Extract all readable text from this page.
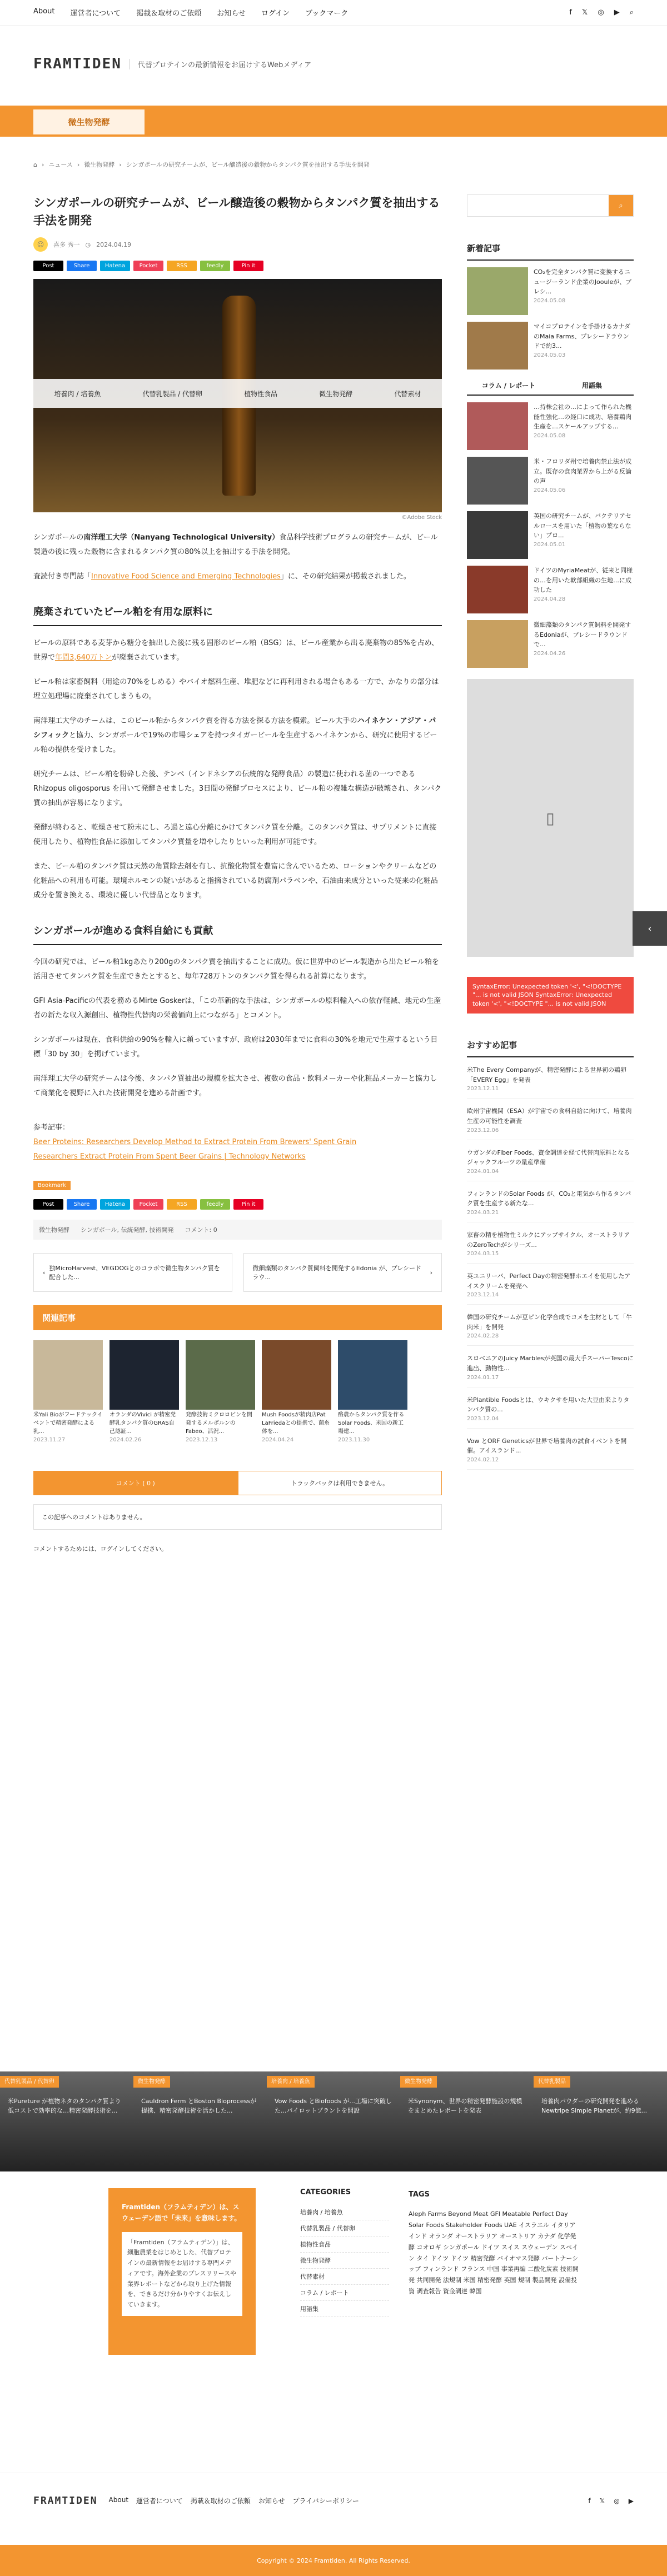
About 運営者について 掲載＆取材のご依頼 お知らせ ログイン ブックマーク	f 𝕏 ◎ ▶ ⌕
FRAMTIDEN	代替プロテインの最新情報をお届けするWebメディア
微生物発酵
⌂ › ニュース › 微生物発酵 › シンガポールの研究チームが、ビール醸造後の穀物からタンパク質を抽出する手法を開発
シンガポールの研究チームが、ビール醸造後の穀物からタンパク質を抽出する手法を開発
☺	喜多 秀一 ◷ 2024.04.19
Post	Share	Hatena	Pocket	RSS	feedly	Pin it
培養肉 / 培養魚	代替乳製品 / 代替卵	植物性食品	微生物発酵	代替素材
©Adobe Stock

シンガポールの南洋理工大学（Nanyang Technological University）食品科学技術プログラムの研究チームが、ビール製造の後に残った穀物に含まれるタンパク質の80%以上を抽出する手法を開発。

査読付き専門誌「Innovative Food Science and Emerging Technologies」に、その研究結果が掲載されました。

廃棄されていたビール粕を有用な原料に

ビールの原料である麦芽から糖分を抽出した後に残る固形のビール粕（BSG）は、ビール産業から出る廃棄物の85%を占め、世界で年間3,640万トンが廃棄されています。

ビール粕は家畜飼料（用途の70%をしめる）やバイオ燃料生産、堆肥などに再利用される場合もある一方で、かなりの部分は埋立処理場に廃棄されてしまうもの。

南洋理工大学のチームは、このビール粕からタンパク質を得る方法を探る方法を模索。ビール大手のハイネケン・アジア・パシフィックと協力、シンガポールで19%の市場シェアを持つタイガービールを生産するハイネケンから、研究に使用するビール粕の提供を受けました。

研究チームは、ビール粕を粉砕した後、テンペ（インドネシアの伝統的な発酵食品）の製造に使われる菌の一つである Rhizopus oligosporus を用いて発酵させました。3日間の発酵プロセスにより、ビール粕の複雑な構造が破壊され、タンパク質の抽出が容易になります。

発酵が終わると、乾燥させて粉末にし、ろ過と遠心分離にかけてタンパク質を分離。このタンパク質は、サプリメントに直接使用したり、植物性食品に添加してタンパク質量を増やしたりといった利用が可能です。

また、ビール粕のタンパク質は天然の角質除去剤を有し、抗酸化物質を豊富に含んでいるため、ローションやクリームなどの化粧品への利用も可能。環境ホルモンの疑いがあると指摘されている防腐剤パラベンや、石油由来成分といった従来の化粧品成分を置き換える、環境に優しい代替品となります。

シンガポールが進める食料自給にも貢献

今回の研究では、ビール粕1kgあたり200gのタンパク質を抽出することに成功。仮に世界中のビール製造から出たビール粕を活用させてタンパク質を生産できたとすると、毎年728万トンのタンパク質を得られる計算になります。

GFI Asia-Pacificの代表を務めるMirte Goskerは、「この革新的な手法は、シンガポールの原料輸入への依存軽減、地元の生産者の新たな収入源創出、植物性代替肉の栄養価向上につながる」とコメント。

シンガポールは現在、食料供給の90%を輸入に頼っていますが、政府は2030年までに食料の30%を地元で生産するという目標「30 by 30」を掲げています。

南洋理工大学の研究チームは今後、タンパク質抽出の規模を拡大させ、複数の食品・飲料メーカーや化粧品メーカーと協力して商業化を視野に入れた技術開発を進める計画です。

参考記事：
Beer Proteins: Researchers Develop Method to Extract Protein From Brewers' Spent Grain
Researchers Extract Protein From Spent Beer Grains | Technology Networks

Bookmark
Post	Share	Hatena	Pocket	RSS	feedly	Pin it
微生物発酵 シンガポール, 伝統発酵, 技術開発 コメント: 0
‹
独MicroHarvest、VEGDOGとのコラボで微生物タンパク質を配合した...
微細藻類のタンパク質飼料を開発するEdonia が、プレシードラウ...
›
関連記事
米Yali Bioがフードテックイベントで精密発酵による乳...
2023.11.27
オランダのVivici が精密発酵乳タンパク質のGRAS自己認証...
2024.02.26
発酵技術ミクロロビンを開発するメルボルンのFabeo、活況...
2023.12.13
Mush Foodsが精肉店Pat LaFriedaとの提携で、菌糸体を...
2024.04.24
酪農からタンパク質を作る Solar Foods、米国の新工場建...
2023.11.30
コメント ( 0 )	トラックバックは利用できません。
この記事へのコメントはありません。
コメントするためには、ログインしてください。
⌕
新着記事
CO₂を完全タンパク質に変換するニュージーランド企業のJoouleが、プレシ...
2024.05.08
マイコプロテインを手掛けるカナダのMaia Farms、プレシードラウンドで約3...
2024.05.03
コラム / レポート	用語集
…持株会社の…によって作られた機能性強化…の経口に成功、培養鶏肉生産を…スケールアップする…
2024.05.08
米・フロリダ州で培養肉禁止法が成立。既存の食肉業界から上がる反論の声
2024.05.06
英国の研究チームが、バクテリアセルロースを用いた「植物の葉ならない」プロ...
2024.05.01
ドイツのMyriaMeatが、従来と同様の…を用いた軟部組織の生地…に成功した
2024.04.28
微細藻類のタンパク質飼料を開発するEdoniaが、プレシードラウンドで...
2024.04.26
▯
SyntaxError: Unexpected token '<', "<!DOCTYPE "... is not valid JSON SyntaxError: Unexpected token '<', "<!DOCTYPE "... is not valid JSON
おすすめ記事
米The Every Companyが、精密発酵による世界初の鶏卵「EVERY Egg」を発表
2023.12.11
欧州宇宙機関（ESA）が宇宙での食料自給に向けて、培養肉生産の可能性を調査
2023.12.06
ウガンダのFiber Foods、資金調達を経て代替肉原料となるジャックフルーツの量産準備
2024.01.04
フィンランドのSolar Foods が、CO₂と電気から作るタンパク質を生産する新たな...
2024.03.21
家畜の精を植物性ミルクにアップサイクル、オーストラリアのZeroTechがシリーズ...
2024.03.15
英ユニリーバ、Perfect Dayの精密発酵ホエイを使用したアイスクリームを発売へ
2023.12.14
韓国の研究チームが豆ピン化学合成でコメを主材として「牛肉米」を開発
2024.02.28
スロベニアのJuicy Marblesが英国の最大手スーパーTescoに進出、動物性...
2024.01.17
米Plantible Foodsとは、ウキクサを用いた大豆由来よりタンパク質の...
2023.12.04
Vow とORF Geneticsが世界で培養肉の試食イベントを開催。アイスランド...
2024.02.12
‹
代替乳製品 / 代替卵
米Pureture が植物ネタのタンパク質より低コストで効率的な…精密発酵技術を...
微生物発酵
Cauldron Ferm とBoston Bioprocessが提携、精密発酵技術を活かした...
培養肉 / 培養魚
Vow Foods とBiofoods が...工場に突破した...パイロットプラントを開設
微生物発酵
米Synonym、世界の精密発酵施設の規模をまとめたレポートを発表
代替乳製品
培養肉パウダーの研究開発を進めるNewtripe Simple Planetが、約9億...
Framtiden（フラムティデン）は、スウェーデン語で「未来」を意味します。
「Framtiden（フラムティデン）」は、細胞農業をはじめとした、代替プロテインの最新情報をお届けする専門メディアです。海外企業のプレスリリースや業界レポートなどから取り上げた情報を、できるだけ分かりやすくお伝えしていきます。
CATEGORIES
培養肉 / 培養魚
代替乳製品 / 代替卵
植物性食品
微生物発酵
代替素材
コラム / レポート
用語集
TAGS
Aleph Farms Beyond Meat GFI Meatable Perfect Day Solar Foods Stakeholder Foods UAE イスラエル イタリア インド オランダ オーストラリア オーストリア カナダ 化学発酵 コオロギ シンガポール ドイツ スイス スウェーデン スペイン タイ ドイツ ドイツ 精密発酵 バイオマス発酵 パートナーシップ フィンランド フランス 中国 事業再編 二酸化炭素 技術開発 共同開発 法規制 米国 精密発酵 英国 規制 製品開発 設備投資 調査報告 資金調達 韓国
FRAMTIDEN About 運営者について 掲載＆取材のご依頼 お知らせ プライバシーポリシー	f 𝕏 ◎ ▶
Copyright © 2024 Framtiden. All Rights Reserved.
